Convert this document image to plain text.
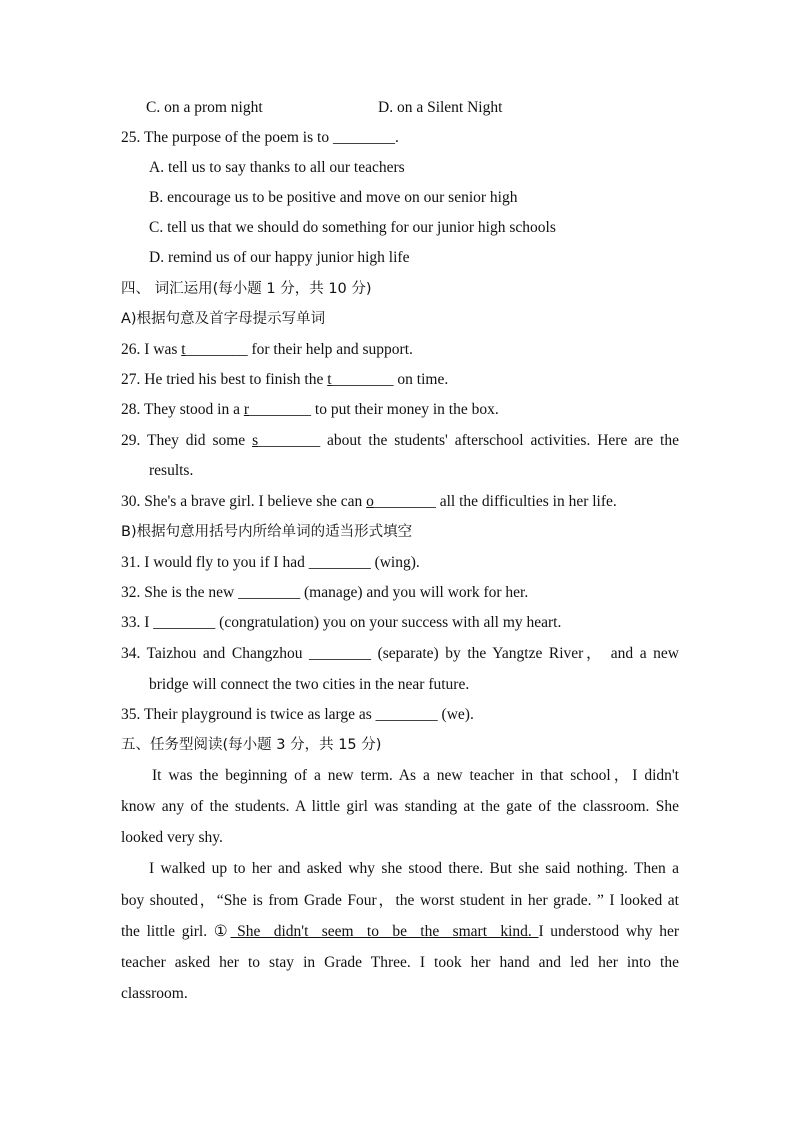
C. on a prom night	D. on a Silent Night
25. The purpose of the poem is to ________.
A. tell us to say thanks to all our teachers
B. encourage us to be positive and move on our senior high
C. tell us that we should do something for our junior high schools
D. remind us of our happy junior high life
四、 词汇运用(每小题 1 分，共 10 分)
A)根据句意及首字母提示写单词
26. I was t________ for their help and support.
27. He tried his best to finish the t________ on time.
28. They stood in a r________ to put their money in the box.
29. They did some s________ about the students' afterschool activities. Here are the
results.
30. She's a brave girl. I believe she can o________ all the difficulties in her life.
B)根据句意用括号内所给单词的适当形式填空
31. I would fly to you if I had ________ (wing).
32. She is the new ________ (manage) and you will work for her.
33. I ________ (congratulation) you on your success with all my heart.
34. Taizhou and Changzhou ________ (separate) by the Yangtze River， and a new
bridge will connect the two cities in the near future.
35. Their playground is twice as large as ________ (we).
五、任务型阅读(每小题 3 分，共 15 分)
It was the beginning of a new term. As a new teacher in that school，I didn't
know any of the students. A little girl was standing at the gate of the classroom. She
looked very shy.
I walked up to her and asked why she stood there. But she said nothing. Then a
boy shouted，“She is from Grade Four，the worst student in her grade. ” I looked at
the little girl. ① She  didn't  seem  to  be  the  smart  kind. I understood why her
teacher asked her to stay in Grade Three. I took her hand and led her into the
classroom.
